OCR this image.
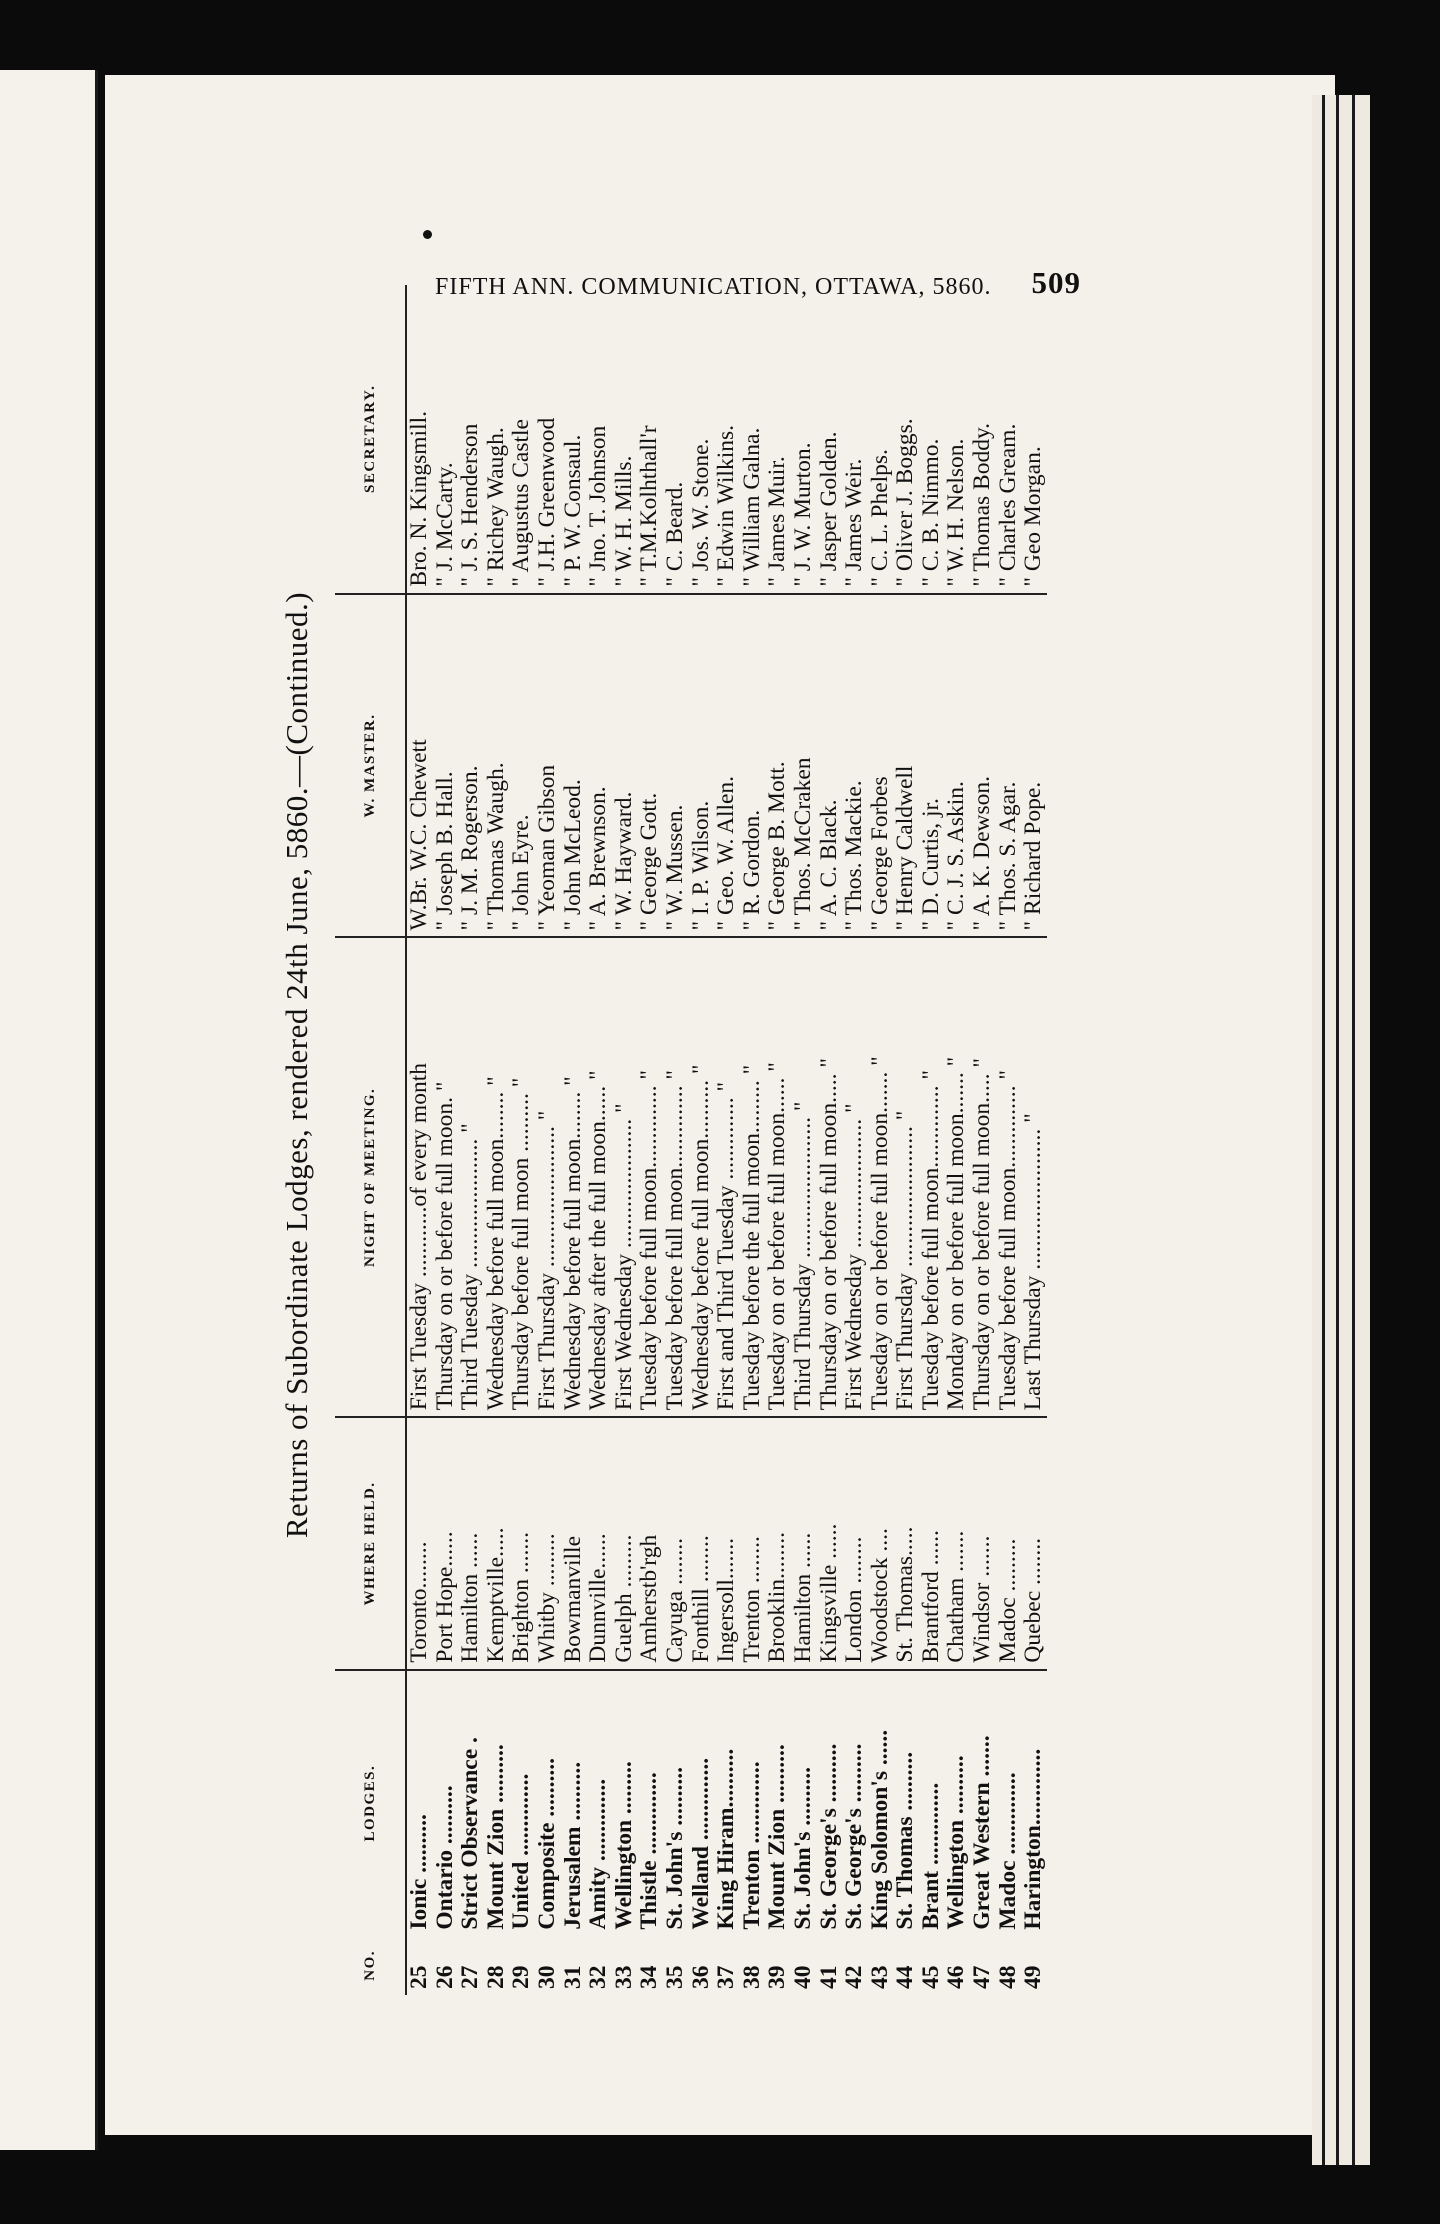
Returns of Subordinate Lodges, rendered 24th June, 5860.—(Continued.)
NO.	LODGES.	WHERE HELD.	NIGHT OF MEETING.	W. MASTER.	SECRETARY.
25	Ionic ..........	Toronto........	First Tuesday ............of every month	W.Br. W.C. Chewett	Bro. N. Kingsmill.
26	Ontario ..........	Port Hope......	Thursday on or before full moon. "	" Joseph B. Hall.	" J. McCarty.
27	Strict Observance .	Hamilton ......	Third Tuesday ...................... "	" J. M. Rogerson.	" J. S. Henderson
28	Mount Zion ..........	Kemptville.....	Wednesday before full moon........ "	" Thomas Waugh.	" Richey Waugh.
29	United ..............	Brighton .......	Thursday before full moon .......... "	" John Eyre.	" Augustus Castle
30	Composite ..........	Whitby .........	First Thursday ........................ "	" Yeoman Gibson	" J.H. Greenwood
31	Jerusalem ..........	Bowmanville	Wednesday before full moon........ "	" John McLeod.	" P. W. Consaul.
32	Amity ..............	Dunnville......	Wednesday after the full moon...... "	" A. Brewnson.	" Jno. T. Johnson
33	Wellington .........	Guelph .........	First Wednesday ...................... "	" W. Hayward.	" W. H. Mills.
34	Thistle ..............	Amherstb'rgh	Tuesday before full moon.............. "	" George Gott.	" T.M.Kolhthall'r
35	St. John's ..........	Cayuga ........	Tuesday before full moon.............. "	" W. Mussen.	" C. Beard.
36	Welland ..............	Fonthill ........	Wednesday before full moon.......... "	" I. P. Wilson.	" Jos. W. Stone.
37	King Hiram..........	Ingersoll.......	First and Third Tuesday .............. "	" Geo. W. Allen.	" Edwin Wilkins.
38	Trenton ..............	Trenton ........	Tuesday before the full moon......... "	" R. Gordon.	" William Galna.
39	Mount Zion ..........	Brooklin........	Tuesday on or before full moon...... "	" George B. Mott.	" James Muir.
40	St. John's ..........	Hamilton ......	Third Thursday ........................ "	" Thos. McCraken	" J. W. Murton.
41	St. George's ..........	Kingsville ......	Thursday on or before full moon..... "	" A. C. Black.	" Jasper Golden.
42	St. George's ..........	London ........	First Wednesday ...................... "	" Thos. Mackie.	" James Weir.
43	King Solomon's ......	Woodstock ....	Tuesday on or before full moon....... "	" George Forbes	" C. L. Phelps.
44	St. Thomas ..........	St. Thomas.....	First Thursday ........................ "	" Henry Caldwell	" Oliver J. Boggs.
45	Brant ..............	Brantford ......	Tuesday before full moon.............. "	" D. Curtis, jr.	" C. B. Nimmo.
46	Wellington ..........	Chatham .......	Monday on or before full moon....... "	" C. J. S. Askin.	" W. H. Nelson.
47	Great Western .......	Windsor .......	Thursday on or before full moon..... "	" A. K. Dewson.	" Thomas Boddy.
48	Madoc ..............	Madoc .........	Tuesday before full moon.............. "	" Thos. S. Agar.	" Charles Gream.
49	Harington.............	Quebec ........	Last Thursday ........................ "	" Richard Pope.	" Geo Morgan.
FIFTH ANN. COMMUNICATION, OTTAWA, 5860. 509
